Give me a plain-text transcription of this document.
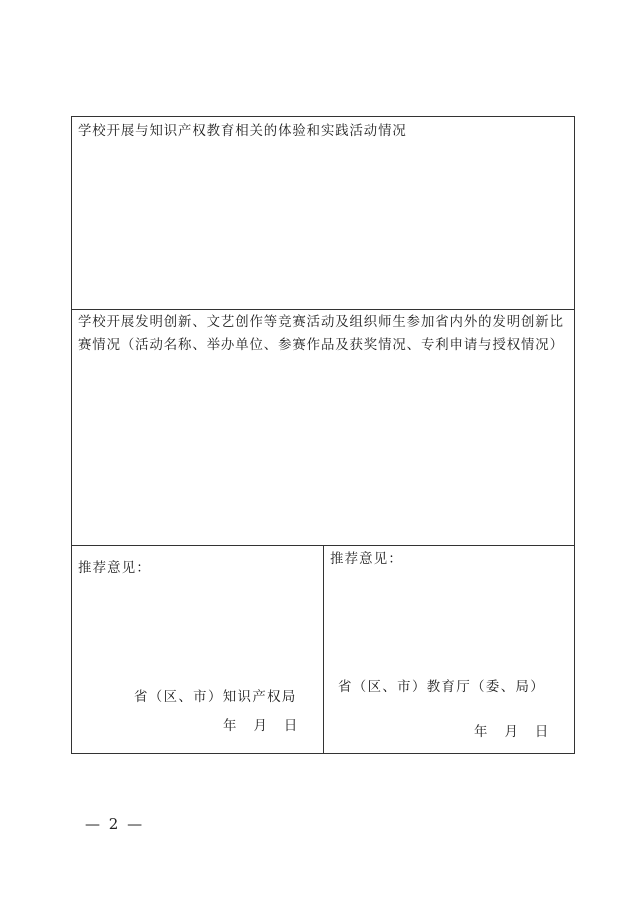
学校开展与知识产权教育相关的体验和实践活动情况
学校开展发明创新、文艺创作等竞赛活动及组织师生参加省内外的发明创新比赛情况（活动名称、举办单位、参赛作品及获奖情况、专利申请与授权情况）
推荐意见：
省（区、市）知识产权局
年 月 日
推荐意见：
省（区、市）教育厅（委、局）
年 月 日
— 2 —
